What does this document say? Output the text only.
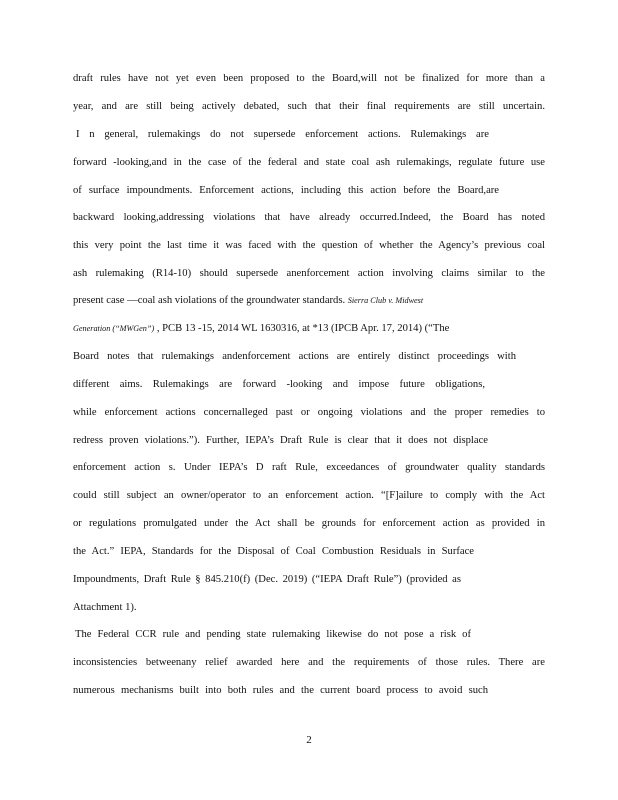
draft rules have not yet even been proposed to the Board,will not be finalized for more than a
year, and are still being actively debated, such that their final requirements are still uncertain.
I n general, rulemakings do not supersede enforcement actions. Rulemakings are
forward -looking,and in the case of the federal and state coal ash rulemakings, regulate future use
of surface impoundments. Enforcement actions, including this action before the Board,are
backward looking,addressing violations that have already occurred.Indeed, the Board has noted
this very point the last time it was faced with the question of whether the Agency’s previous coal
ash rulemaking (R14-10) should supersede anenforcement action involving claims similar to the
present case —coal ash violations of the groundwater standards. Sierra Club v. Midwest
Generation (“MWGen”) , PCB 13 -15, 2014 WL 1630316, at *13 (IPCB Apr. 17, 2014) (“The
Board notes that rulemakings andenforcement actions are entirely distinct proceedings with
different aims. Rulemakings are forward -looking and impose future obligations,
while enforcement actions concernalleged past or ongoing violations and the proper remedies to
redress proven violations.”). Further, IEPA’s Draft Rule is clear that it does not displace
enforcement action s. Under IEPA’s D raft Rule, exceedances of groundwater quality standards
could still subject an owner/operator to an enforcement action. “[F]ailure to comply with the Act
or regulations promulgated under the Act shall be grounds for enforcement action as provided in
the Act.” IEPA, Standards for the Disposal of Coal Combustion Residuals in Surface
Impoundments, Draft Rule § 845.210(f) (Dec. 2019) (“IEPA Draft Rule”) (provided as
Attachment 1).
The Federal CCR rule and pending state rulemaking likewise do not pose a risk of
inconsistencies betweenany relief awarded here and the requirements of those rules. There are
numerous mechanisms built into both rules and the current board process to avoid such
2
